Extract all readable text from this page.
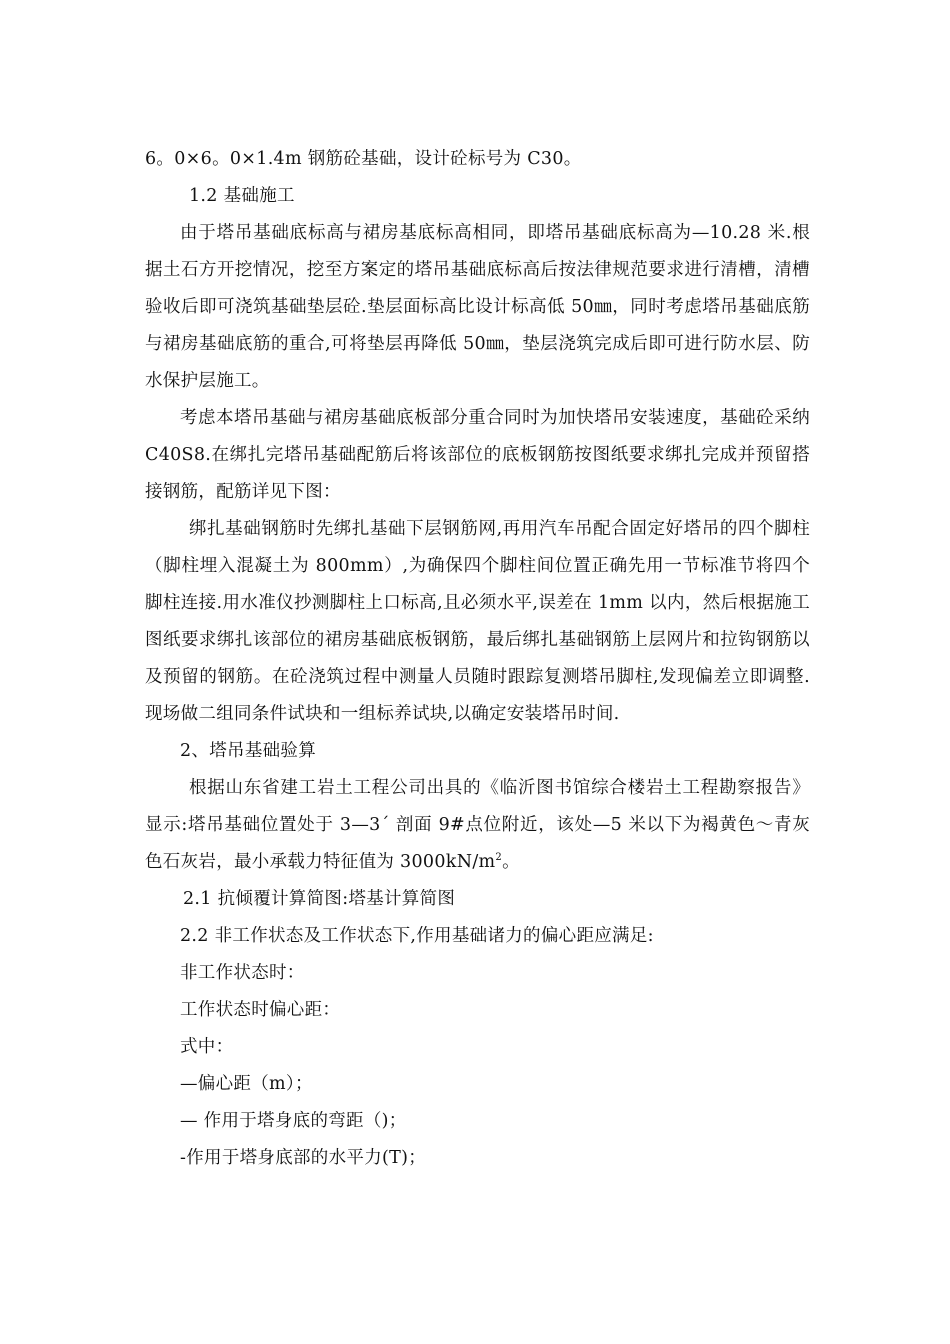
6。0×6。0×1.4m 钢筋砼基础，设计砼标号为 C30。

1.2 基础施工

由于塔吊基础底标高与裙房基底标高相同，即塔吊基础底标高为—10.28 米.根据土石方开挖情况，挖至方案定的塔吊基础底标高后按法律规范要求进行清槽，清槽验收后即可浇筑基础垫层砼.垫层面标高比设计标高低 50㎜，同时考虑塔吊基础底筋与裙房基础底筋的重合,可将垫层再降低 50㎜，垫层浇筑完成后即可进行防水层、防水保护层施工。

考虑本塔吊基础与裙房基础底板部分重合同时为加快塔吊安装速度，基础砼采纳 C40S8.在绑扎完塔吊基础配筋后将该部位的底板钢筋按图纸要求绑扎完成并预留搭接钢筋，配筋详见下图：

绑扎基础钢筋时先绑扎基础下层钢筋网,再用汽车吊配合固定好塔吊的四个脚柱（脚柱埋入混凝土为 800mm）,为确保四个脚柱间位置正确先用一节标准节将四个脚柱连接.用水准仪抄测脚柱上口标高,且必须水平,误差在 1mm 以内，然后根据施工图纸要求绑扎该部位的裙房基础底板钢筋，最后绑扎基础钢筋上层网片和拉钩钢筋以及预留的钢筋。在砼浇筑过程中测量人员随时跟踪复测塔吊脚柱,发现偏差立即调整.现场做二组同条件试块和一组标养试块,以确定安装塔吊时间.

2、塔吊基础验算

根据山东省建工岩土工程公司出具的《临沂图书馆综合楼岩土工程勘察报告》显示:塔吊基础位置处于 3—3´ 剖面 9#点位附近，该处—5 米以下为褐黄色～青灰色石灰岩，最小承载力特征值为 $3000kN/m^2$。

2.1 抗倾覆计算简图:塔基计算简图

2.2 非工作状态及工作状态下,作用基础诸力的偏心距应满足:

非工作状态时：

工作状态时偏心距：

式中：

—偏心距（m）；

— 作用于塔身底的弯距（)；

-作用于塔身底部的水平力(T)；
